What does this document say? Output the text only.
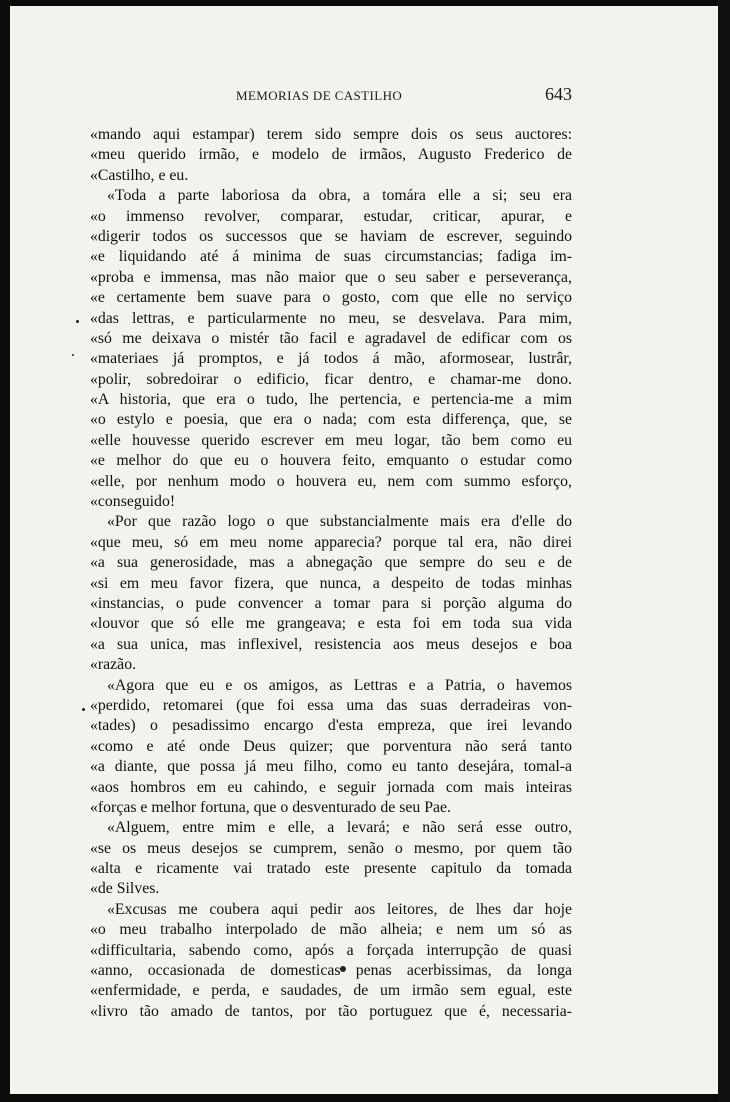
MEMORIAS DE CASTILHO	643
«mando aqui estampar) terem sido sempre dois os seus auctores:
«meu querido irmão, e modelo de irmãos, Augusto Frederico de
«Castilho, e eu.
«Toda a parte laboriosa da obra, a tomára elle a si; seu era
«o immenso revolver, comparar, estudar, criticar, apurar, e
«digerir todos os successos que se haviam de escrever, seguindo
«e liquidando até á minima de suas circumstancias; fadiga im-
«proba e immensa, mas não maior que o seu saber e perseverança,
«e certamente bem suave para o gosto, com que elle no serviço
«das lettras, e particularmente no meu, se desvelava. Para mim,
«só me deixava o mistér tão facil e agradavel de edificar com os
«materiaes já promptos, e já todos á mão, aformosear, lustrâr,
«polir, sobredoirar o edificio, ficar dentro, e chamar-me dono.
«A historia, que era o tudo, lhe pertencia, e pertencia-me a mim
«o estylo e poesia, que era o nada; com esta differença, que, se
«elle houvesse querido escrever em meu logar, tão bem como eu
«e melhor do que eu o houvera feito, emquanto o estudar como
«elle, por nenhum modo o houvera eu, nem com summo esforço,
«conseguido!
«Por que razão logo o que substancialmente mais era d'elle do
«que meu, só em meu nome apparecia? porque tal era, não direi
«a sua generosidade, mas a abnegação que sempre do seu e de
«si em meu favor fizera, que nunca, a despeito de todas minhas
«instancias, o pude convencer a tomar para si porção alguma do
«louvor que só elle me grangeava; e esta foi em toda sua vida
«a sua unica, mas inflexivel, resistencia aos meus desejos e boa
«razão.
«Agora que eu e os amigos, as Lettras e a Patria, o havemos
«perdido, retomarei (que foi essa uma das suas derradeiras von-
«tades) o pesadissimo encargo d'esta empreza, que irei levando
«como e até onde Deus quizer; que porventura não será tanto
«a diante, que possa já meu filho, como eu tanto desejára, tomal-a
«aos hombros em eu cahindo, e seguir jornada com mais inteiras
«forças e melhor fortuna, que o desventurado de seu Pae.
«Alguem, entre mim e elle, a levará; e não será esse outro,
«se os meus desejos se cumprem, senão o mesmo, por quem tão
«alta e ricamente vai tratado este presente capitulo da tomada
«de Silves.
«Excusas me coubera aqui pedir aos leitores, de lhes dar hoje
«o meu trabalho interpolado de mão alheia; e nem um só as
«difficultaria, sabendo como, após a forçada interrupção de quasi
«anno, occasionada de domesticas penas acerbissimas, da longa
«enfermidade, e perda, e saudades, de um irmão sem egual, este
«livro tão amado de tantos, por tão portuguez que é, necessaria-
